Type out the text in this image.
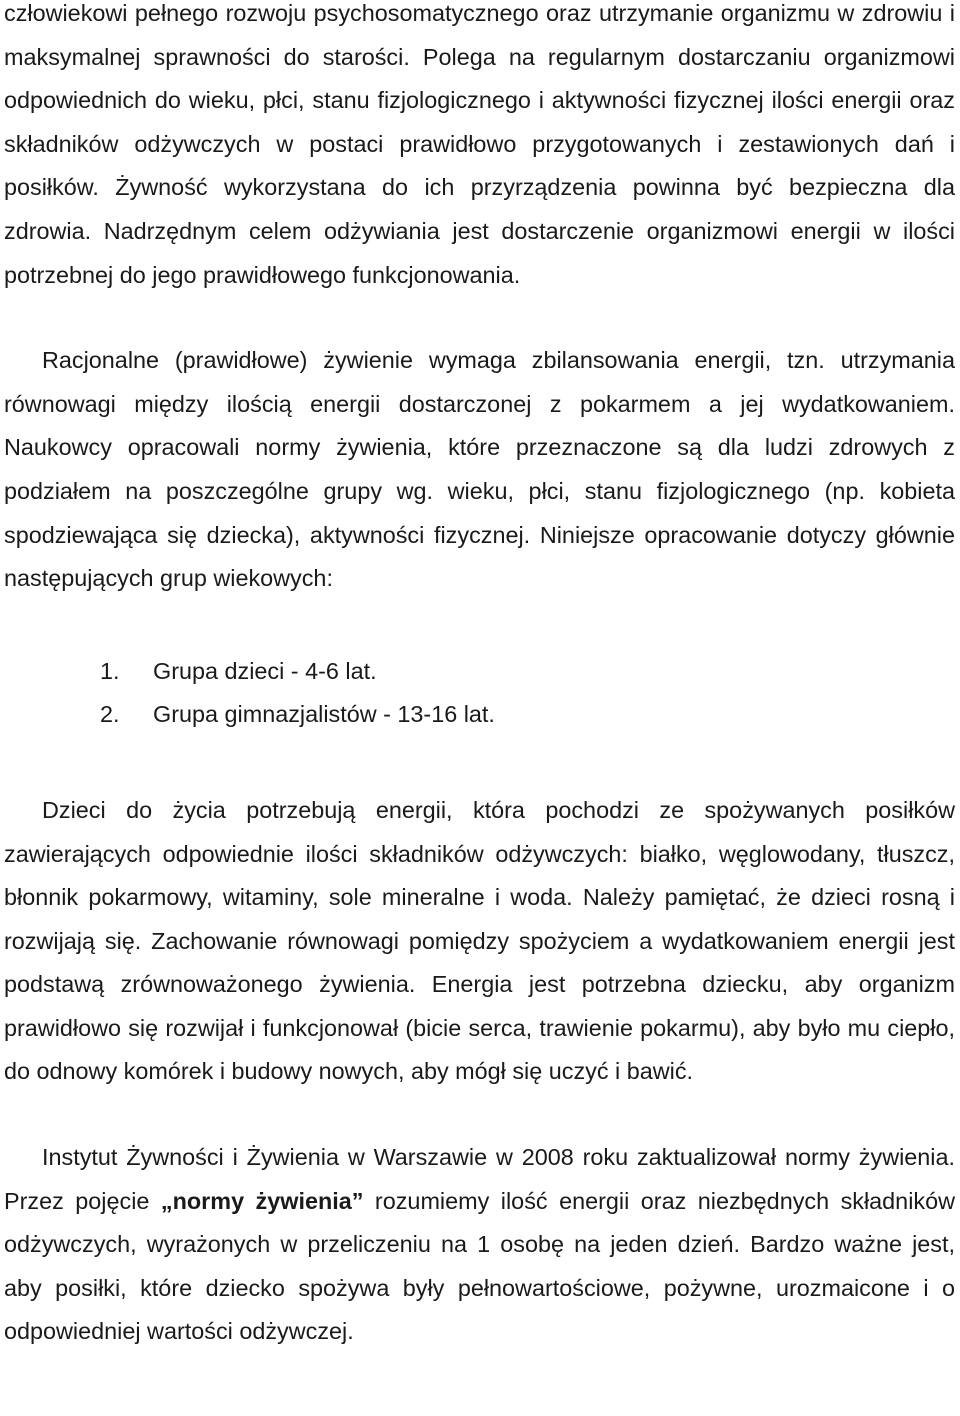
człowiekowi pełnego rozwoju psychosomatycznego oraz utrzymanie organizmu w zdrowiu i maksymalnej sprawności do starości. Polega na regularnym dostarczaniu organizmowi odpowiednich do wieku, płci, stanu fizjologicznego i aktywności fizycznej ilości energii oraz składników odżywczych w postaci prawidłowo przygotowanych i zestawionych dań i posiłków. Żywność wykorzystana do ich przyrządzenia powinna być bezpieczna dla zdrowia. Nadrzędnym celem odżywiania jest dostarczenie organizmowi energii w ilości potrzebnej do jego prawidłowego funkcjonowania.

Racjonalne (prawidłowe) żywienie wymaga zbilansowania energii, tzn. utrzymania równowagi między ilością energii dostarczonej z pokarmem a jej wydatkowaniem. Naukowcy opracowali normy żywienia, które przeznaczone są dla ludzi zdrowych z podziałem na poszczególne grupy wg. wieku, płci, stanu fizjologicznego (np. kobieta spodziewająca się dziecka), aktywności fizycznej. Niniejsze opracowanie dotyczy głównie następujących grup wiekowych:

1.	Grupa dzieci - 4-6 lat.
2.	Grupa gimnazjalistów - 13-16 lat.

Dzieci do życia potrzebują energii, która pochodzi ze spożywanych posiłków zawierających odpowiednie ilości składników odżywczych: białko, węglowodany, tłuszcz, błonnik pokarmowy, witaminy, sole mineralne i woda. Należy pamiętać, że dzieci rosną i rozwijają się. Zachowanie równowagi pomiędzy spożyciem a wydatkowaniem energii jest podstawą zrównoważonego żywienia. Energia jest potrzebna dziecku, aby organizm prawidłowo się rozwijał i funkcjonował (bicie serca, trawienie pokarmu), aby było mu ciepło, do odnowy komórek i budowy nowych, aby mógł się uczyć i bawić.

Instytut Żywności i Żywienia w Warszawie w 2008 roku zaktualizował normy żywienia. Przez pojęcie „normy żywienia” rozumiemy ilość energii oraz niezbędnych składników odżywczych, wyrażonych w przeliczeniu na 1 osobę na jeden dzień. Bardzo ważne jest, aby posiłki, które dziecko spożywa były pełnowartościowe, pożywne, urozmaicone i o odpowiedniej wartości odżywczej.
